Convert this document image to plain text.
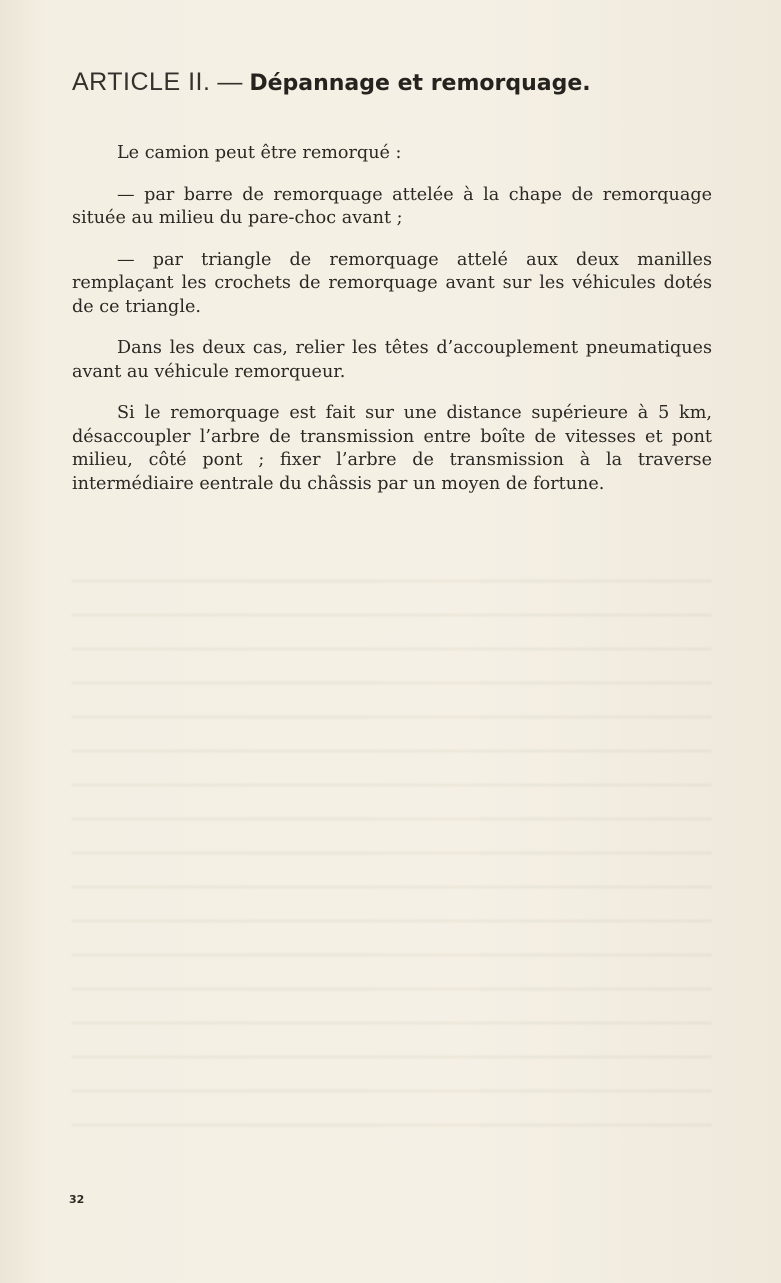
ARTICLE II. — Dépannage et remorquage.

Le camion peut être remorqué :

— par barre de remorquage attelée à la chape de remorquage située au milieu du pare-choc avant ;

— par triangle de remorquage attelé aux deux manilles remplaçant les crochets de remorquage avant sur les véhicules dotés de ce triangle.

Dans les deux cas, relier les têtes d’accouplement pneumatiques avant au véhicule remorqueur.

Si le remorquage est fait sur une distance supérieure à 5 km, désaccoupler l’arbre de transmission entre boîte de vitesses et pont milieu, côté pont ; fixer l’arbre de transmission à la traverse intermédiaire eentrale du châssis par un moyen de fortune.

32
